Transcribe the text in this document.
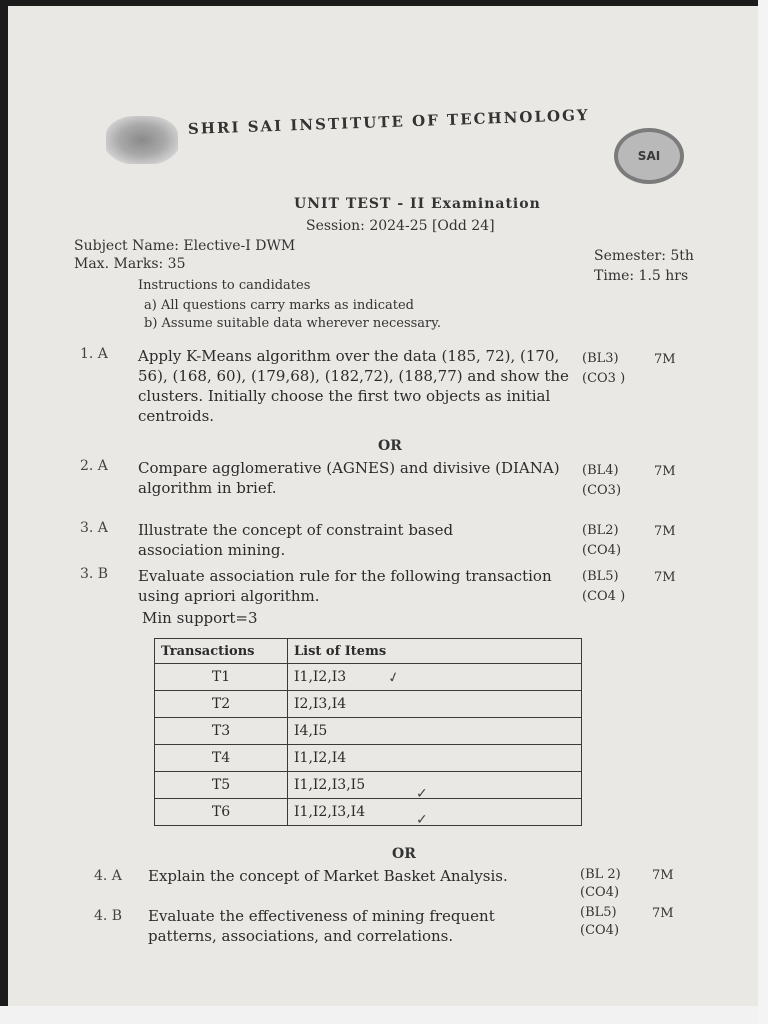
SHRI SAI INSTITUTE OF TECHNOLOGY
SAI
UNIT TEST - II Examination
Session: 2024-25 [Odd 24]
Subject Name: Elective-I DWM
Max. Marks: 35	Semester: 5th
Time: 1.5 hrs
Instructions to candidates
a) All questions carry marks as indicated
b) Assume suitable data wherever necessary.
1. A Apply K-Means algorithm over the data (185, 72), (170, 56), (168, 60), (179,68), (182,72), (188,77) and show the clusters. Initially choose the first two objects as initial centroids.
(BL3)
(CO3 )
7M
OR
2. A Compare agglomerative (AGNES) and divisive (DIANA) algorithm in brief.
(BL4)
(CO3)
7M
3. A Illustrate the concept of constraint based association mining.
(BL2)
(CO4)
7M
3. B Evaluate association rule for the following transaction using apriori algorithm.
Min support=3
(BL5)
(CO4 )
7M
Transactions	List of Items
T1	I1,I2,I3
T2	I2,I3,I4
T3	I4,I5
T4	I1,I2,I4
T5	I1,I2,I3,I5
T6	I1,I2,I3,I4
✓
✓
✓
OR
4. A Explain the concept of Market Basket Analysis.	(BL 2)
(CO4)
7M
4. B Evaluate the effectiveness of mining frequent patterns, associations, and correlations.
(BL5)
(CO4)
7M
